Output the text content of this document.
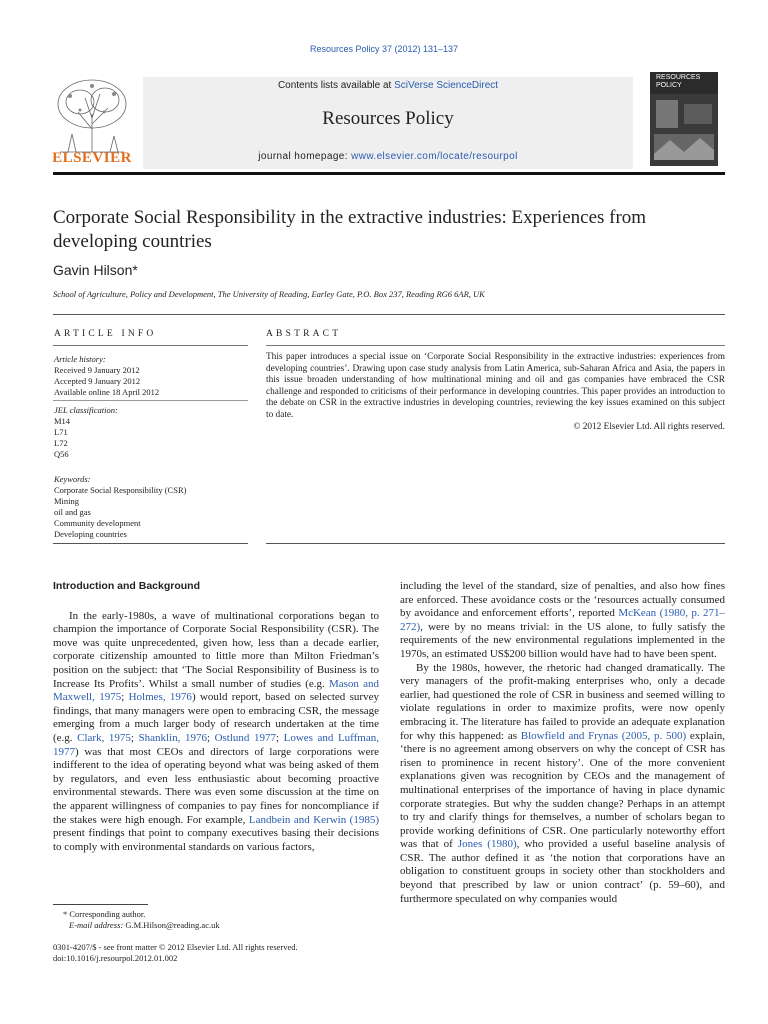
Resources Policy 37 (2012) 131–137
Contents lists available at SciVerse ScienceDirect
Resources Policy
journal homepage: www.elsevier.com/locate/resourpol
ELSEVIER
RESOURCES POLICY
Corporate Social Responsibility in the extractive industries: Experiences from developing countries
Gavin Hilson*
School of Agriculture, Policy and Development, The University of Reading, Earley Gate, P.O. Box 237, Reading RG6 6AR, UK
ARTICLE INFO	ABSTRACT
Article history:
Received 9 January 2012
Accepted 9 January 2012
Available online 18 April 2012
JEL classification:
M14
L71
L72
Q56
Keywords:
Corporate Social Responsibility (CSR)
Mining
oil and gas
Community development
Developing countries
This paper introduces a special issue on ‘Corporate Social Responsibility in the extractive industries: experiences from developing countries’. Drawing upon case study analysis from Latin America, sub-Saharan Africa and Asia, the papers in this issue broaden understanding of how multinational mining and oil and gas companies have embraced the CSR challenge and responded to criticisms of their performance in developing countries. This paper provides an introduction to the debate on CSR in the extractive industries in developing countries, reviewing the key issues examined on this subject to date.
© 2012 Elsevier Ltd. All rights reserved.
Introduction and Background

In the early-1980s, a wave of multinational corporations began to champion the importance of Corporate Social Responsibility (CSR). The move was quite unprecedented, given how, less than a decade earlier, corporate citizenship amounted to little more than Milton Friedman’s position on the subject: that ‘The Social Responsibility of Business is to Increase Its Profits’. Whilst a small number of studies (e.g. Mason and Maxwell, 1975; Holmes, 1976) would report, based on selected survey findings, that many managers were open to embracing CSR, the message emerging from a much larger body of research undertaken at the time (e.g. Clark, 1975; Shanklin, 1976; Ostlund 1977; Lowes and Luffman, 1977) was that most CEOs and directors of large corporations were indifferent to the idea of operating beyond what was being asked of them by regulators, and even less enthusiastic about becoming proactive environmental stewards. There was even some discussion at the time on the apparent willingness of companies to pay fines for noncompliance if the stakes were high enough. For example, Landbein and Kerwin (1985) present findings that point to company executives basing their decisions to comply with environmental standards on various factors,

* Corresponding author.
E-mail address: G.M.Hilson@reading.ac.uk
0301-4207/$ - see front matter © 2012 Elsevier Ltd. All rights reserved.
doi:10.1016/j.resourpol.2012.01.002

including the level of the standard, size of penalties, and also how fines are enforced. These avoidance costs or the ‘resources actually consumed by avoidance and enforcement efforts’, reported McKean (1980, p. 271–272), were by no means trivial: in the US alone, to fully satisfy the requirements of the new environmental regulations implemented in the 1970s, an estimated US$200 billion would have had to have been spent.

By the 1980s, however, the rhetoric had changed dramatically. The very managers of the profit-making enterprises who, only a decade earlier, had questioned the role of CSR in business and seemed willing to violate regulations in order to maximize profits, were now openly embracing it. The literature has failed to provide an adequate explanation for why this happened: as Blowfield and Frynas (2005, p. 500) explain, ‘there is no agreement among observers on why the concept of CSR has risen to prominence in recent history’. One of the more convenient explanations given was recognition by CEOs and the management of multinational enterprises of the importance of having in place dynamic corporate strategies. But why the sudden change? Perhaps in an attempt to try and clarify things for themselves, a number of scholars began to provide working definitions of CSR. One particularly noteworthy effort was that of Jones (1980), who provided a useful baseline analysis of CSR. The author defined it as ‘the notion that corporations have an obligation to constituent groups in society other than stockholders and beyond that prescribed by law or union contract’ (p. 59–60), and furthermore speculated on why companies would
